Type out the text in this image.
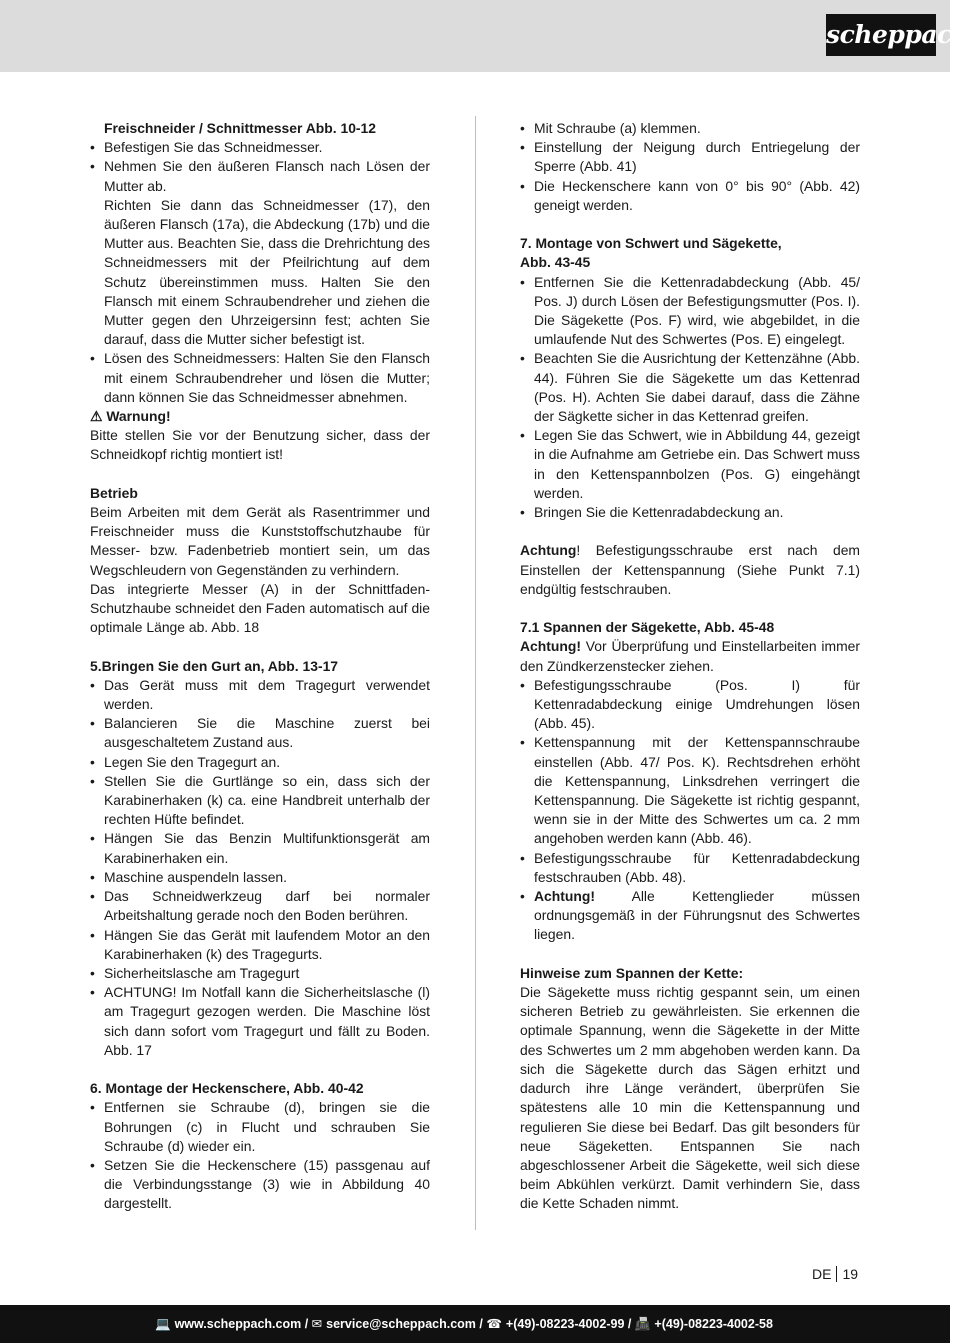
scheppach

Freischneider / Schnittmesser Abb. 10-12

• Befestigen Sie das Schneidmesser.
• Nehmen Sie den äußeren Flansch nach Lösen der Mutter ab.
Richten Sie dann das Schneidmesser (17), den äußeren Flansch (17a), die Abdeckung (17b) und die Mutter aus. Beachten Sie, dass die Drehrichtung des Schneidmessers mit der Pfeilrichtung auf dem Schutz übereinstimmen muss. Halten Sie den Flansch mit einem Schraubendreher und ziehen die Mutter gegen den Uhrzeigersinn fest; achten Sie darauf, dass die Mutter sicher befestigt ist.
• Lösen des Schneidmessers: Halten Sie den Flansch mit einem Schraubendreher und lösen die Mutter; dann können Sie das Schneidmesser abnehmen.

⚠ Warnung!

Bitte stellen Sie vor der Benutzung sicher, dass der Schneidkopf richtig montiert ist!

Betrieb

Beim Arbeiten mit dem Gerät als Rasentrimmer und Freischneider muss die Kunststoffschutzhaube für Messer- bzw. Fadenbetrieb montiert sein, um das Wegschleudern von Gegenständen zu verhindern.

Das integrierte Messer (A) in der Schnittfaden-Schutzhaube schneidet den Faden automatisch auf die optimale Länge ab. Abb. 18

5.Bringen Sie den Gurt an, Abb. 13-17

• Das Gerät muss mit dem Tragegurt verwendet werden.
• Balancieren Sie die Maschine zuerst bei ausgeschaltetem Zustand aus.
• Legen Sie den Tragegurt an.
• Stellen Sie die Gurtlänge so ein, dass sich der Karabinerhaken (k) ca. eine Handbreit unterhalb der rechten Hüfte befindet.
• Hängen Sie das Benzin Multifunktionsgerät am Karabinerhaken ein.
• Maschine auspendeln lassen.
• Das Schneidwerkzeug darf bei normaler Arbeitshaltung gerade noch den Boden berühren.
• Hängen Sie das Gerät mit laufendem Motor an den Karabinerhaken (k) des Tragegurts.
• Sicherheitslasche am Tragegurt
• ACHTUNG! Im Notfall kann die Sicherheitslasche (l) am Tragegurt gezogen werden. Die Maschine löst sich dann sofort vom Tragegurt und fällt zu Boden. Abb. 17

6. Montage der Heckenschere, Abb. 40-42

• Entfernen sie Schraube (d), bringen sie die Bohrungen (c) in Flucht und schrauben Sie Schraube (d) wieder ein.
• Setzen Sie die Heckenschere (15) passgenau auf die Verbindungsstange (3) wie in Abbildung 40 dargestellt.
• Mit Schraube (a) klemmen.
• Einstellung der Neigung durch Entriegelung der Sperre (Abb. 41)
• Die Heckenschere kann von 0° bis 90° (Abb. 42) geneigt werden.

7. Montage von Schwert und Sägekette,
Abb. 43-45

• Entfernen Sie die Kettenradabdeckung (Abb. 45/ Pos. J) durch Lösen der Befestigungsmutter (Pos. I). Die Sägekette (Pos. F) wird, wie abgebildet, in die umlaufende Nut des Schwertes (Pos. E) eingelegt.
• Beachten Sie die Ausrichtung der Kettenzähne (Abb. 44). Führen Sie die Sägekette um das Kettenrad (Pos. H). Achten Sie dabei darauf, dass die Zähne der Sägkette sicher in das Kettenrad greifen.
• Legen Sie das Schwert, wie in Abbildung 44, gezeigt in die Aufnahme am Getriebe ein. Das Schwert muss in den Kettenspannbolzen (Pos. G) eingehängt werden.
• Bringen Sie die Kettenradabdeckung an.

Achtung! Befestigungsschraube erst nach dem Einstellen der Kettenspannung (Siehe Punkt 7.1) endgültig festschrauben.

7.1 Spannen der Sägekette, Abb. 45-48

Achtung! Vor Überprüfung und Einstellarbeiten immer den Zündkerzenstecker ziehen.

• Befestigungsschraube (Pos. I) für Kettenradabdeckung einige Umdrehungen lösen (Abb. 45).
• Kettenspannung mit der Kettenspannschraube einstellen (Abb. 47/ Pos. K). Rechtsdrehen erhöht die Kettenspannung, Linksdrehen verringert die Kettenspannung. Die Sägekette ist richtig gespannt, wenn sie in der Mitte des Schwertes um ca. 2 mm angehoben werden kann (Abb. 46).
• Befestigungsschraube für Kettenradabdeckung festschrauben (Abb. 48).
• Achtung! Alle Kettenglieder müssen ordnungsgemäß in der Führungsnut des Schwertes liegen.

Hinweise zum Spannen der Kette:

Die Sägekette muss richtig gespannt sein, um einen sicheren Betrieb zu gewährleisten. Sie erkennen die optimale Spannung, wenn die Sägekette in der Mitte des Schwertes um 2 mm abgehoben werden kann. Da sich die Sägekette durch das Sägen erhitzt und dadurch ihre Länge verändert, überprüfen Sie spätestens alle 10 min die Kettenspannung und regulieren Sie diese bei Bedarf. Das gilt besonders für neue Sägeketten. Entspannen Sie nach abgeschlossener Arbeit die Sägekette, weil sich diese beim Abkühlen verkürzt. Damit verhindern Sie, dass die Kette Schaden nimmt.

DE 19
💻 www.scheppach.com / ✉ service@scheppach.com / ☎ +(49)-08223-4002-99 / 📠 +(49)-08223-4002-58
